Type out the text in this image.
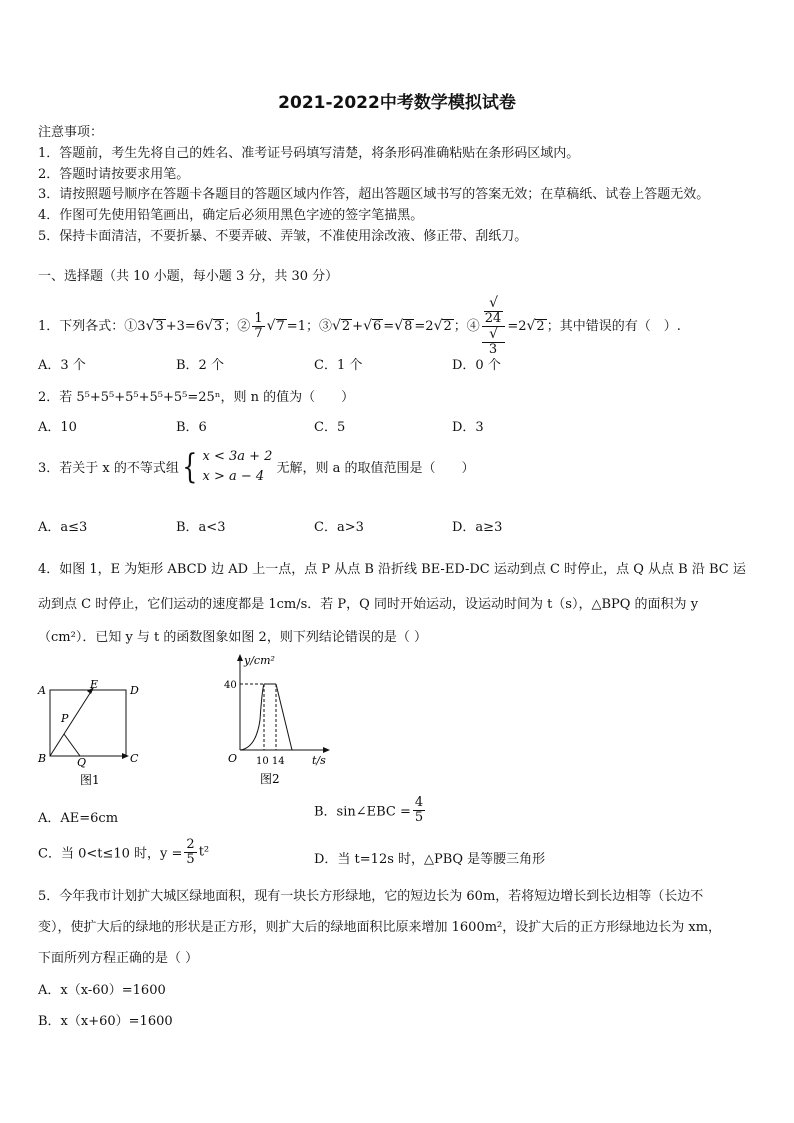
2021-2022中考数学模拟试卷
注意事项：
1．答题前，考生先将自己的姓名、准考证号码填写清楚，将条形码准确粘贴在条形码区域内。
2．答题时请按要求用笔。
3．请按照题号顺序在答题卡各题目的答题区域内作答，超出答题区域书写的答案无效；在草稿纸、试卷上答题无效。
4．作图可先使用铅笔画出，确定后必须用黑色字迹的签字笔描黑。
5．保持卡面清洁，不要折暴、不要弄破、弄皱，不准使用涂改液、修正带、刮纸刀。
一、选择题（共 10 小题，每小题 3 分，共 30 分）
1．下列各式：①3√3 +3=6√3 ；② $\frac{1}{7} √7 =1$；③√2 +√6 =√8 =2√2 ；④ √
24
√
3 =2√2 ；其中错误的有（　）.
A．3 个	B．2 个	C．1 个	D．0 个
2．若 5⁵+5⁵+5⁵+5⁵+5⁵=25ⁿ，则 n 的值为（　　）
A．10	B．6	C．5	D．3
3．若关于 x 的不等式组{ x < 3a + 2
x > a − 4 无解，则 a 的取值范围是（　　）
A．a≤3	B．a<3	C．a>3	D．a≥3
4．如图 1，E 为矩形 ABCD 边 AD 上一点，点 P 从点 B 沿折线 BE-ED-DC 运动到点 C 时停止，点 Q 从点 B 沿 BC 运
动到点 C 时停止，它们运动的速度都是 1cm/s．若 P，Q 同时开始运动，设运动时间为 t（s），△BPQ 的面积为 y
（cm²）．已知 y 与 t 的函数图象如图 2，则下列结论错误的是（ ）
A	E	D
P
B	Q	C
图1
y/cm²
40
O 10 14 t/s
图2
A．AE=6cm	B．sin∠EBC = $\frac{4}{5}$
C．当 0<t≤10 时，$y = \frac{2}{5} t^2$	D．当 t=12s 时，△PBQ 是等腰三角形
5．今年我市计划扩大城区绿地面积，现有一块长方形绿地，它的短边长为 60m，若将短边增长到长边相等（长边不
变），使扩大后的绿地的形状是正方形，则扩大后的绿地面积比原来增加 1600m²，设扩大后的正方形绿地边长为 xm，
下面所列方程正确的是（ ）
A．x（x-60）=1600
B．x（x+60）=1600
